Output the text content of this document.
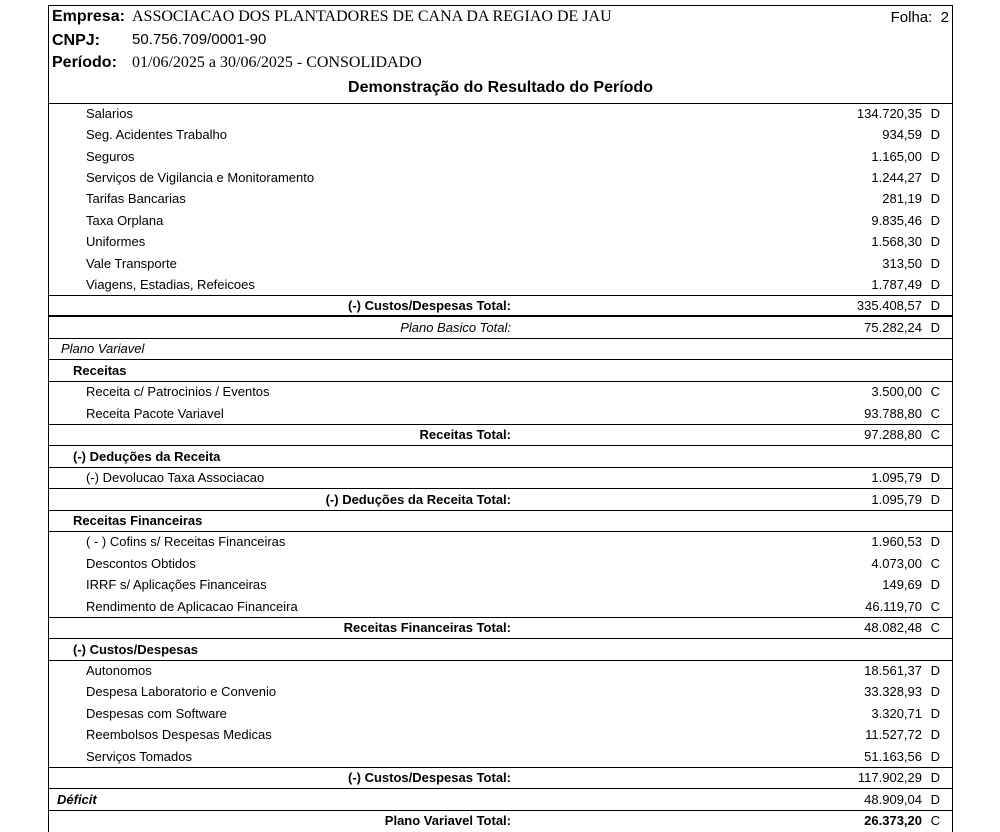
Empresa: ASSOCIACAO DOS PLANTADORES DE CANA DA REGIAO DE JAU	Folha: 2
CNPJ: 50.756.709/0001-90
Período: 01/06/2025 a 30/06/2025 - CONSOLIDADO
Demonstração do Resultado do Período
Salarios	134.720,35 D
Seg. Acidentes Trabalho	934,59 D
Seguros	1.165,00 D
Serviços de Vigilancia e Monitoramento	1.244,27 D
Tarifas Bancarias	281,19 D
Taxa Orplana	9.835,46 D
Uniformes	1.568,30 D
Vale Transporte	313,50 D
Viagens, Estadias, Refeicoes	1.787,49 D
(-) Custos/Despesas Total:	335.408,57 D
Plano Basico Total:	75.282,24 D
Plano Variavel
Receitas
Receita c/ Patrocinios / Eventos	3.500,00 C
Receita Pacote Variavel	93.788,80 C
Receitas Total:	97.288,80 C
(-) Deduções da Receita
(-) Devolucao Taxa Associacao	1.095,79 D
(-) Deduções da Receita Total:	1.095,79 D
Receitas Financeiras
( - ) Cofins s/ Receitas Financeiras	1.960,53 D
Descontos Obtidos	4.073,00 C
IRRF s/ Aplicações Financeiras	149,69 D
Rendimento de Aplicacao Financeira	46.119,70 C
Receitas Financeiras Total:	48.082,48 C
(-) Custos/Despesas
Autonomos	18.561,37 D
Despesa Laboratorio e Convenio	33.328,93 D
Despesas com Software	3.320,71 D
Reembolsos Despesas Medicas	11.527,72 D
Serviços Tomados	51.163,56 D
(-) Custos/Despesas Total:	117.902,29 D
Déficit	48.909,04 D
Plano Variavel Total:	26.373,20 C
